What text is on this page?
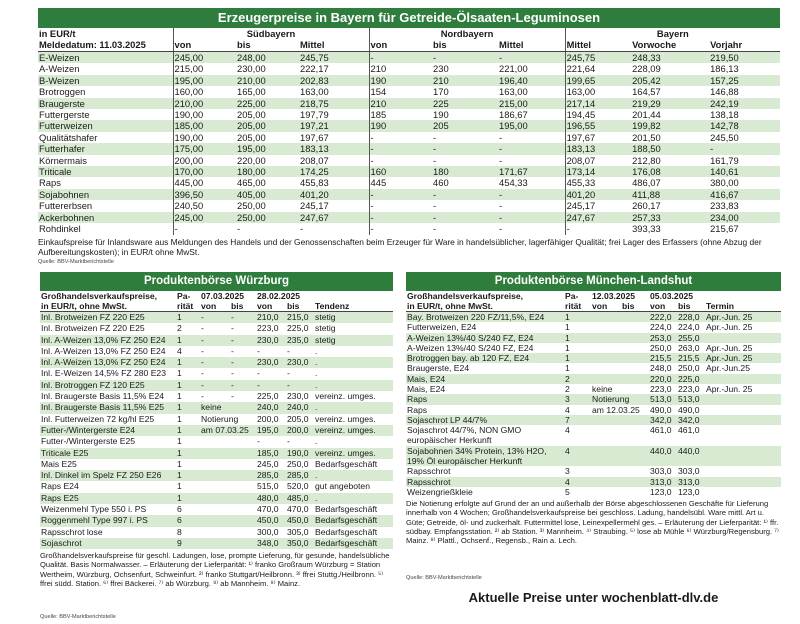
Erzeugerpreise in Bayern für Getreide-Ölsaaten-Leguminosen
in EUR/t	Südbayern			Nordbayern			Bayern		
Meldedatum: 11.03.2025	von	bis	Mittel	von	bis	Mittel	Mittel	Vorwoche	Vorjahr
E-Weizen	245,00	248,00	245,75	-	-	-	245,75	248,33	219,50
A-Weizen	215,00	230,00	222,17	210	230	221,00	221,64	228,09	186,13
B-Weizen	195,00	210,00	202,83	190	210	196,40	199,65	205,42	157,25
Brotroggen	160,00	165,00	163,00	154	170	163,00	163,00	164,57	146,88
Braugerste	210,00	225,00	218,75	210	225	215,00	217,14	219,29	242,19
Futtergerste	190,00	205,00	197,79	185	190	186,67	194,45	201,44	138,18
Futterweizen	185,00	205,00	197,21	190	205	195,00	196,55	199,82	142,78
Qualitätshafer	190,00	205,00	197,67	-	-	-	197,67	201,50	245,50
Futterhafer	175,00	195,00	183,13	-	-	-	183,13	188,50	-
Körnermais	200,00	220,00	208,07	-	-	-	208,07	212,80	161,79
Triticale	170,00	180,00	174,25	160	180	171,67	173,14	176,08	140,61
Raps	445,00	465,00	455,83	445	460	454,33	455,33	486,07	380,00
Sojabohnen	396,50	405,00	401,20	-	-	-	401,20	411,88	416,67
Futtererbsen	240,50	250,00	245,17	-	-	-	245,17	260,17	233,83
Ackerbohnen	245,00	250,00	247,67	-	-	-	247,67	257,33	234,00
Rohdinkel	-	-	-	-	-	-	-	393,33	215,67
Einkaufspreise für Inlandsware aus Meldungen des Handels und der Genossenschaften beim Erzeuger für Ware in handelsüblicher, lagerfähiger Qualität; frei Lager des Erfassers (ohne Abzug der Aufbereitungskosten); in EUR/t ohne MwSt.
Quelle: BBV-Marktberichtstelle
Produktenbörse Würzburg
Großhandelsverkaufspreise,	Pa-	07.03.2025		28.02.2025		
in EUR/t, ohne MwSt.	rität	von	bis	von	bis	Tendenz
Inl. Brotweizen FZ 220 E25	1	-	-	210,0	215,0	stetig
Inl. Brotweizen FZ 220 E25	2	-	-	223,0	225,0	stetig
Inl. A-Weizen 13,0% FZ 250 E24	1	-	-	230,0	235,0	stetig
Inl. A-Weizen 13,0% FZ 250 E24	4	-	-	-	-	.
Inl. A-Weizen 13,0% FZ 250 E24	1	-	-	230,0	230,0	.
Inl. E-Weizen 14,5% FZ 280 E23	1	-	-	-	-	.
Inl. Brotroggen FZ 120 E25	1	-	-	-	-	.
Inl. Braugerste Basis 11,5% E24	1	-	-	225,0	230,0	vereinz. umges.
Inl. Braugerste Basis 11,5% E25	1	keine		240,0	240,0	.
Inl. Futterweizen 72 kg/hl E25	1	Notierung		200,0	205,0	vereinz. umges.
Futter-/Wintergerste E24	1	am 07.03.25		195,0	200,0	vereinz. umges.
Futter-/Wintergerste E25	1			-	-	.
Triticale E25	1			185,0	190,0	vereinz. umges.
Mais E25	1			245,0	250,0	Bedarfsgeschäft
Inl. Dinkel im Spelz FZ 250 E26	1			285,0	285,0	.
Raps E24	1			515,0	520,0	gut angeboten
Raps E25	1			480,0	485,0	.
Weizenmehl Type 550 i. PS	6			470,0	470,0	Bedarfsgeschäft
Roggenmehl Type 997 i. PS	6			450,0	450,0	Bedarfsgeschäft
Rapsschrot lose	8			300,0	305,0	Bedarfsgeschäft
Sojaschrot	9			348,0	350,0	Bedarfsgeschäft
Großhandelsverkaufspreise für geschl. Ladungen, lose, prompte Lieferung, für gesunde, handelsübliche Qualität. Basis Normalwasser. – Erläuterung der Lieferparität: ¹⁾ franko Großraum Würzburg = Station Wertheim, Würzburg, Ochsenfurt, Schweinfurt. ²⁾ franko Stuttgart/Heilbronn. ³⁾ ffrei Stuttg./Heilbronn. ⁵⁾ ffrei südd. Station. ⁶⁾ ffrei Bäckerei. ⁷⁾ ab Würzburg. ⁸⁾ ab Mannheim. ⁹⁾ Mainz.
Quelle: BBV-Marktberichtstelle
Produktenbörse München-Landshut
Großhandelsverkaufspreise,	Pa-	12.03.2025		05.03.2025		
in EUR/t, ohne MwSt.	rität	von	bis	von	bis	Termin
Bay. Brotweizen 220 FZ/11,5%, E24	1			222,0	228,0	Apr.-Jun. 25
Futterweizen, E24	1			224,0	224,0	Apr.-Jun. 25
A-Weizen 13%/40 S/240 FZ, E24	1			253,0	255,0	
A-Weizen 13%/40 S/240 FZ, E24	1			250,0	263,0	Apr.-Jun. 25
Brotroggen bay. ab 120 FZ, E24	1			215,5	215,5	Apr.-Jun. 25
Braugerste, E24	1			248,0	250,0	Apr.-Jun.25
Mais, E24	2			220,0	225,0	
Mais, E24	2	keine		223,0	223,0	Apr.-Jun. 25
Raps	3	Notierung		513,0	513,0	
Raps	4	am 12.03.25		490,0	490,0	
Sojaschrot LP 44/7%	7			342,0	342,0	
Sojaschrot 44/7%, NON GMO europäischer Herkunft	4			461,0	461,0	
Sojabohnen 34% Protein, 13% H2O, 19% Öl europäischer Herkunft	4			440,0	440,0	
Rapsschrot	3			303,0	303,0	
Rapsschrot	4			313,0	313,0	
Weizengrießkleie	5			123,0	123,0	
Die Notierung erfolgte auf Grund der an und außerhalb der Börse abgeschlossenen Geschäfte für Lieferung innerhalb von 4 Wochen; Großhandelsverkaufspreise bei geschloss. Ladung, handelsübl. Ware mittl. Art u. Güte; Getreide, öl- und zuckerhalt. Futtermittel lose, Leinexpellermehl ges. – Erläuterung der Lieferparität: ¹⁾ ffr. südbay. Empfangsstation. ²⁾ ab Station. ³⁾ Mannheim. ⁴⁾ Straubing. ⁵⁾ lose ab Mühle ⁶⁾ Würzburg/Regensburg. ⁷⁾ Mainz. ⁸⁾ Plattl., Ochsenf., Regensb., Rain a. Lech.
Quelle: BBV-Marktberichtstelle
Aktuelle Preise unter wochenblatt-dlv.de
